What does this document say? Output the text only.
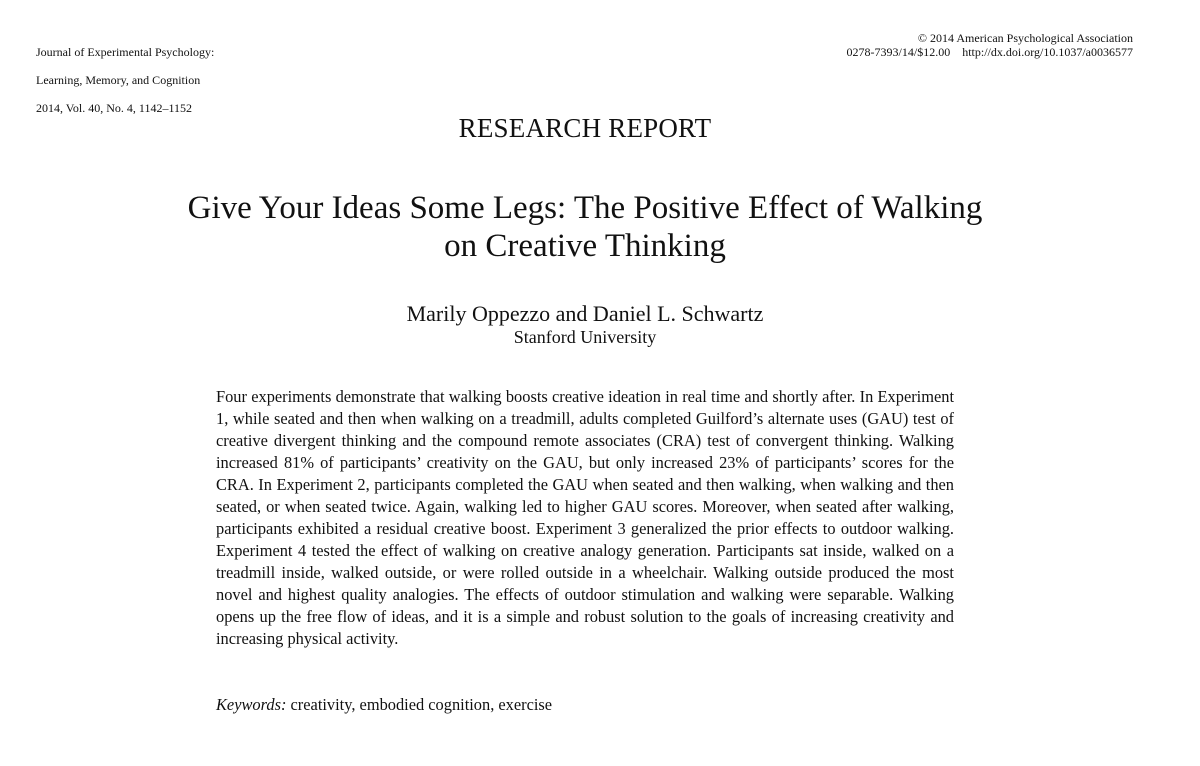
Journal of Experimental Psychology:

Learning, Memory, and Cognition

2014, Vol. 40, No. 4, 1142–1152

© 2014 American Psychological Association
0278-7393/14/$12.00    http://dx.doi.org/10.1037/a0036577
RESEARCH REPORT
Give Your Ideas Some Legs: The Positive Effect of Walking
on Creative Thinking
Marily Oppezzo and Daniel L. Schwartz
Stanford University
Four experiments demonstrate that walking boosts creative ideation in real time and shortly after. In Experiment 1, while seated and then when walking on a treadmill, adults completed Guilford’s alternate uses (GAU) test of creative divergent thinking and the compound remote associates (CRA) test of convergent thinking. Walking increased 81% of participants’ creativity on the GAU, but only increased 23% of participants’ scores for the CRA. In Experiment 2, participants completed the GAU when seated and then walking, when walking and then seated, or when seated twice. Again, walking led to higher GAU scores. Moreover, when seated after walking, participants exhibited a residual creative boost. Experiment 3 generalized the prior effects to outdoor walking. Experiment 4 tested the effect of walking on creative analogy generation. Participants sat inside, walked on a treadmill inside, walked outside, or were rolled outside in a wheelchair. Walking outside produced the most novel and highest quality analogies. The effects of outdoor stimulation and walking were separable. Walking opens up the free flow of ideas, and it is a simple and robust solution to the goals of increasing creativity and increasing physical activity.
Keywords: creativity, embodied cognition, exercise
